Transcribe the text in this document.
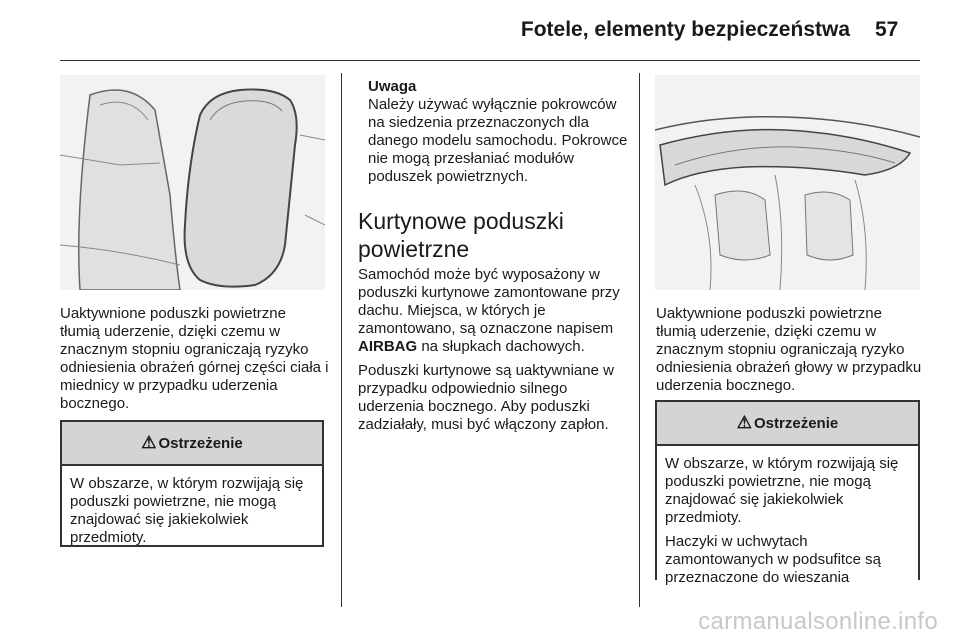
Fotele, elementy bezpieczeństwa 57

Uaktywnione poduszki powietrzne tłumią uderzenie, dzięki czemu w znacznym stopniu ograniczają ryzyko odniesienia obrażeń górnej części ciała i miednicy w przypadku uderzenia bocznego.

⚠ Ostrzeżenie

W obszarze, w którym rozwijają się poduszki powietrzne, nie mogą znajdować się jakiekolwiek przedmioty.

Uwaga
Należy używać wyłącznie pokrowców na siedzenia przeznaczonych dla danego modelu samochodu. Pokrowce nie mogą przesłaniać modułów poduszek powietrznych.
Kurtynowe poduszki powietrzne

Samochód może być wyposażony w poduszki kurtynowe zamontowane przy dachu. Miejsca, w których je zamontowano, są oznaczone napisem AIRBAG na słupkach dachowych.

Poduszki kurtynowe są uaktywniane w przypadku odpowiednio silnego uderzenia bocznego. Aby poduszki zadziałały, musi być włączony zapłon.

Uaktywnione poduszki powietrzne tłumią uderzenie, dzięki czemu w znacznym stopniu ograniczają ryzyko odniesienia obrażeń głowy w przypadku uderzenia bocznego.

⚠ Ostrzeżenie

W obszarze, w którym rozwijają się poduszki powietrzne, nie mogą znajdować się jakiekolwiek przedmioty.

Haczyki w uchwytach zamontowanych w podsufitce są przeznaczone do wieszania

carmanualsonline.info
